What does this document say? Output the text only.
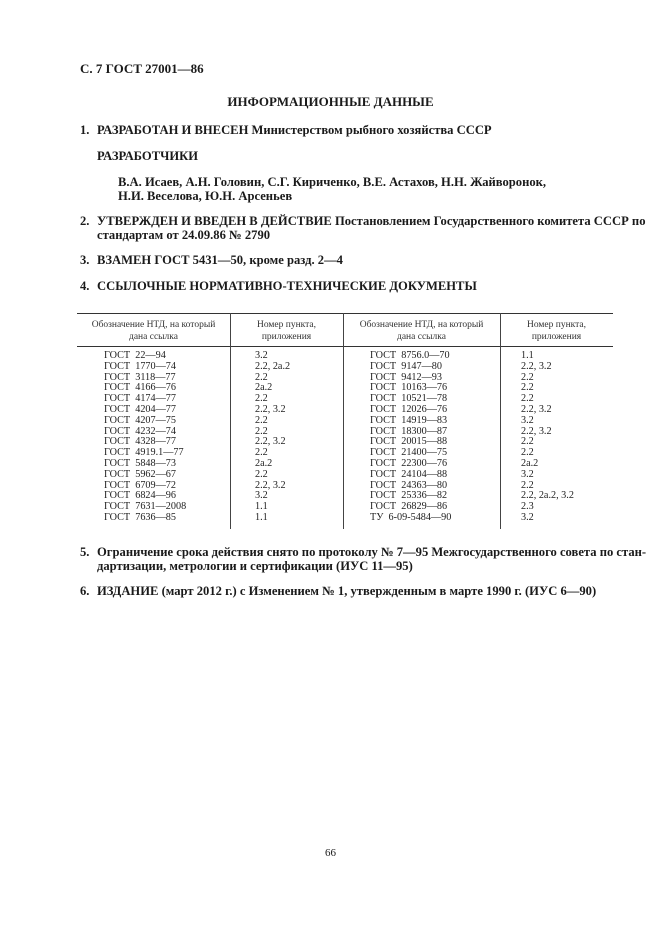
С. 7 ГОСТ 27001—86
ИНФОРМАЦИОННЫЕ ДАННЫЕ
1. РАЗРАБОТАН И ВНЕСЕН Министерством рыбного хозяйства СССР
РАЗРАБОТЧИКИ
В.А. Исаев, А.Н. Головин, С.Г. Кириченко, В.Е. Астахов, Н.Н. Жайворонок,
Н.И. Веселова, Ю.Н. Арсеньев
2. УТВЕРЖДЕН И ВВЕДЕН В ДЕЙСТВИЕ Постановлением Государственного комитета СССР по
стандартам от 24.09.86 № 2790
3. ВЗАМЕН ГОСТ 5431—50, кроме разд. 2—4
4. ССЫЛОЧНЫЕ НОРМАТИВНО-ТЕХНИЧЕСКИЕ ДОКУМЕНТЫ
Обозначение НТД, на который
дана ссылка
Номер пункта,
приложения
Обозначение НТД, на который
дана ссылка
Номер пункта,
приложения
ГОСТ  22—94
ГОСТ  1770—74
ГОСТ  3118—77
ГОСТ  4166—76
ГОСТ  4174—77
ГОСТ  4204—77
ГОСТ  4207—75
ГОСТ  4232—74
ГОСТ  4328—77
ГОСТ  4919.1—77
ГОСТ  5848—73
ГОСТ  5962—67
ГОСТ  6709—72
ГОСТ  6824—96
ГОСТ  7631—2008
ГОСТ  7636—85
3.2
2.2, 2а.2
2.2
2а.2
2.2
2.2, 3.2
2.2
2.2
2.2, 3.2
2.2
2а.2
2.2
2.2, 3.2
3.2
1.1
1.1
ГОСТ  8756.0—70
ГОСТ  9147—80
ГОСТ  9412—93
ГОСТ  10163—76
ГОСТ  10521—78
ГОСТ  12026—76
ГОСТ  14919—83
ГОСТ  18300—87
ГОСТ  20015—88
ГОСТ  21400—75
ГОСТ  22300—76
ГОСТ  24104—88
ГОСТ  24363—80
ГОСТ  25336—82
ГОСТ  26829—86
ТУ  6-09-5484—90
1.1
2.2, 3.2
2.2
2.2
2.2
2.2, 3.2
3.2
2.2, 3.2
2.2
2.2
2а.2
3.2
2.2
2.2, 2а.2, 3.2
2.3
3.2
5. Ограничение срока действия снято по протоколу № 7—95 Межгосударственного совета по стан-
дартизации, метрологии и сертификации (ИУС 11—95)
6. ИЗДАНИЕ (март 2012 г.) с Изменением № 1, утвержденным в марте 1990 г. (ИУС 6—90)
66
